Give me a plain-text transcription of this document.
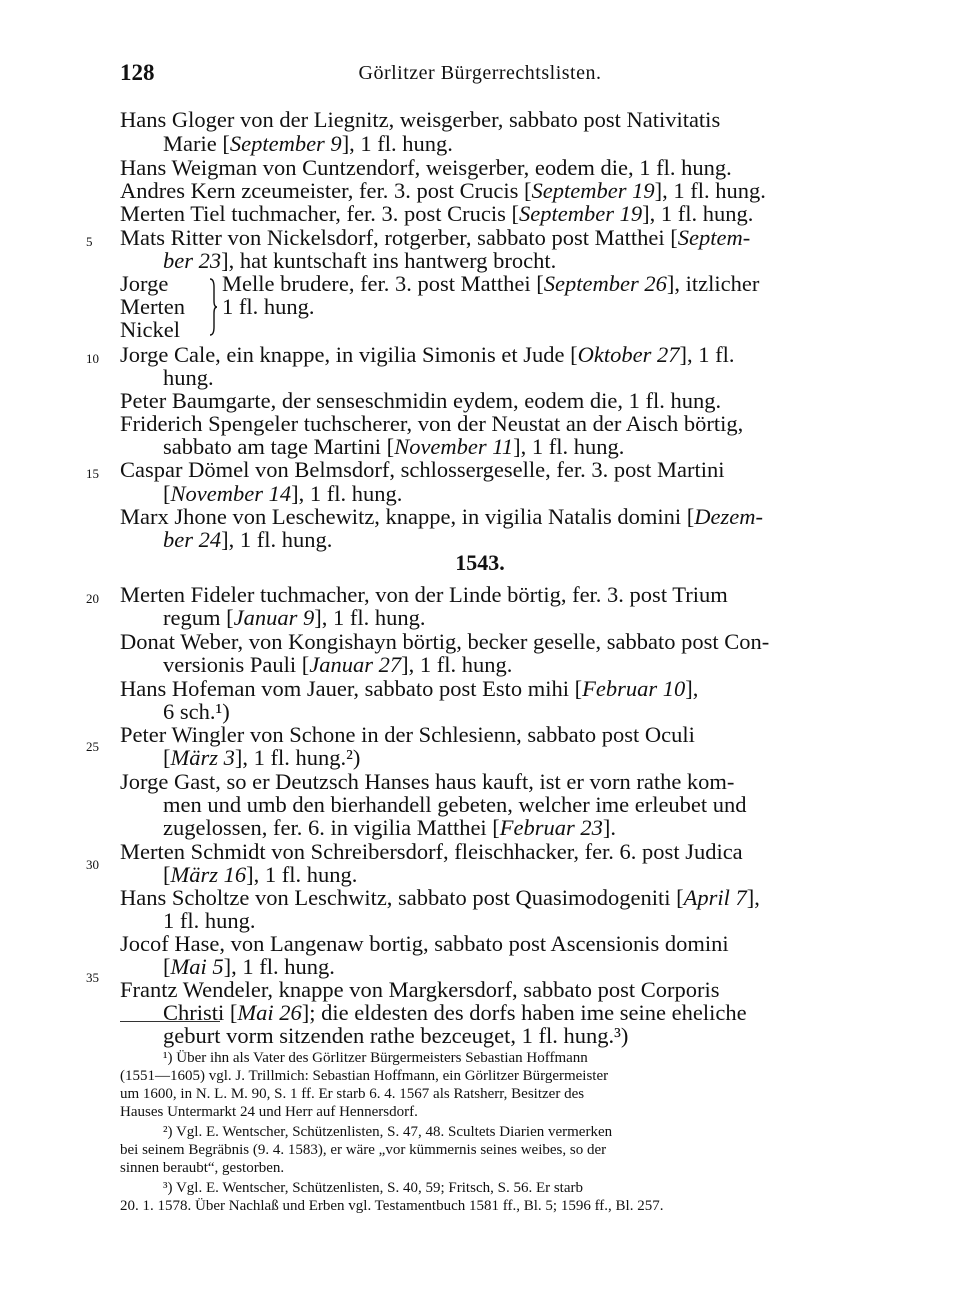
128	Görlitzer Bürgerrechtslisten.
5
10
15
20
25
30
35
Hans Gloger von der Liegnitz, weisgerber, sabbato post Nativitatis
Marie [September 9], 1 fl. hung.
Hans Weigman von Cuntzendorf, weisgerber, eodem die, 1 fl. hung.
Andres Kern zceumeister, fer. 3. post Crucis [September 19], 1 fl. hung.
Merten Tiel tuchmacher, fer. 3. post Crucis [September 19], 1 fl. hung.
Mats Ritter von Nickelsdorf, rotgerber, sabbato post Matthei [Septem-
ber 23], hat kuntschaft ins hantwerg brocht.
Jorge
Merten
Nickel
Jorge Cale, ein knappe, in vigilia Simonis et Jude [Oktober 27], 1 fl.
hung.
Peter Baumgarte, der senseschmidin eydem, eodem die, 1 fl. hung.
Friderich Spengeler tuchscherer, von der Neustat an der Aisch börtig,
sabbato am tage Martini [November 11], 1 fl. hung.
Caspar Dömel von Belmsdorf, schlossergeselle, fer. 3. post Martini
[November 14], 1 fl. hung.
Marx Jhone von Leschewitz, knappe, in vigilia Natalis domini [Dezem-
ber 24], 1 fl. hung.
Merten Fideler tuchmacher, von der Linde börtig, fer. 3. post Trium
regum [Januar 9], 1 fl. hung.
Donat Weber, von Kongishayn börtig, becker geselle, sabbato post Con-
versionis Pauli [Januar 27], 1 fl. hung.
Hans Hofeman vom Jauer, sabbato post Esto mihi [Februar 10],
6 sch.¹)
Peter Wingler von Schone in der Schlesienn, sabbato post Oculi
[März 3], 1 fl. hung.²)
Jorge Gast, so er Deutzsch Hanses haus kauft, ist er vorn rathe kom-
men und umb den bierhandell gebeten, welcher ime erleubet und
zugelossen, fer. 6. in vigilia Matthei [Februar 23].
Merten Schmidt von Schreibersdorf, fleischhacker, fer. 6. post Judica
[März 16], 1 fl. hung.
Hans Scholtze von Leschwitz, sabbato post Quasimodogeniti [April 7],
1 fl. hung.
Jocof Hase, von Langenaw bortig, sabbato post Ascensionis domini
[Mai 5], 1 fl. hung.
Frantz Wendeler, knappe von Margkersdorf, sabbato post Corporis
Christi [Mai 26]; die eldesten des dorfs haben ime seine eheliche
geburt vorm sitzenden rathe bezceuget, 1 fl. hung.³)
Melle brudere, fer. 3. post Matthei [September 26], itzlicher
1 fl. hung.
1543.
¹) Über ihn als Vater des Görlitzer Bürgermeisters Sebastian Hoffmann
(1551—1605) vgl. J. Trillmich: Sebastian Hoffmann, ein Görlitzer Bürgermeister
um 1600, in N. L. M. 90, S. 1 ff. Er starb 6. 4. 1567 als Ratsherr, Besitzer des
Hauses Untermarkt 24 und Herr auf Hennersdorf.
²) Vgl. E. Wentscher, Schützenlisten, S. 47, 48. Scultets Diarien vermerken
bei seinem Begräbnis (9. 4. 1583), er wäre „vor kümmernis seines weibes, so der
sinnen beraubt“, gestorben.
³) Vgl. E. Wentscher, Schützenlisten, S. 40, 59; Fritsch, S. 56. Er starb
20. 1. 1578. Über Nachlaß und Erben vgl. Testamentbuch 1581 ff., Bl. 5; 1596 ff., Bl. 257.
